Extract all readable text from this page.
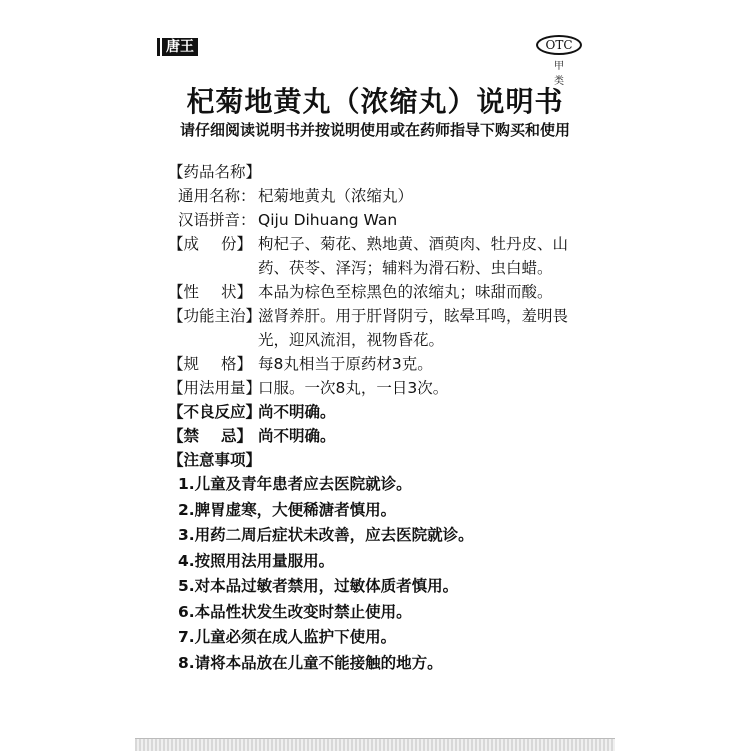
唐王	OTC
甲 类
杞菊地黄丸（浓缩丸）说明书
请仔细阅读说明书并按说明使用或在药师指导下购买和使用
【药品名称】
通用名称： 杞菊地黄丸（浓缩丸）
汉语拼音： Qiju Dihuang Wan
【成 份】 枸杞子、菊花、熟地黄、酒萸肉、牡丹皮、山
药、茯苓、泽泻；辅料为滑石粉、虫白蜡。
【性 状】 本品为棕色至棕黑色的浓缩丸；味甜而酸。
【功能主治】
滋肾养肝。用于肝肾阴亏，眩晕耳鸣，羞明畏
光，迎风流泪，视物昏花。
【规 格】 每8丸相当于原药材3克。
【用法用量】
口服。一次8丸，一日3次。
【不良反应】
尚不明确。
【禁 忌】 尚不明确。
【注意事项】
1.儿童及青年患者应去医院就诊。
2.脾胃虚寒，大便稀溏者慎用。
3.用药二周后症状未改善，应去医院就诊。
4.按照用法用量服用。
5.对本品过敏者禁用，过敏体质者慎用。
6.本品性状发生改变时禁止使用。
7.儿童必须在成人监护下使用。
8.请将本品放在儿童不能接触的地方。
